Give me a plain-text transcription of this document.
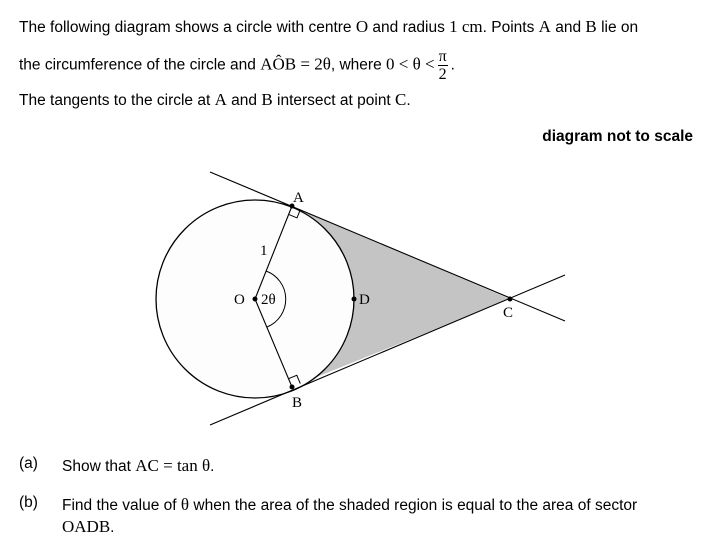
The following diagram shows a circle with centre O and radius 1 cm. Points A and B lie on
the circumference of the circle and AÔB = 2θ, where $0 < \theta < \frac{\pi}{2}$ .
The tangents to the circle at A and B intersect at point C.
diagram not to scale
A
B
C
D
O
1
2θ
(a) Show that AC = tan θ.
(b) Find the value of θ when the area of the shaded region is equal to the area of sector OADB.
